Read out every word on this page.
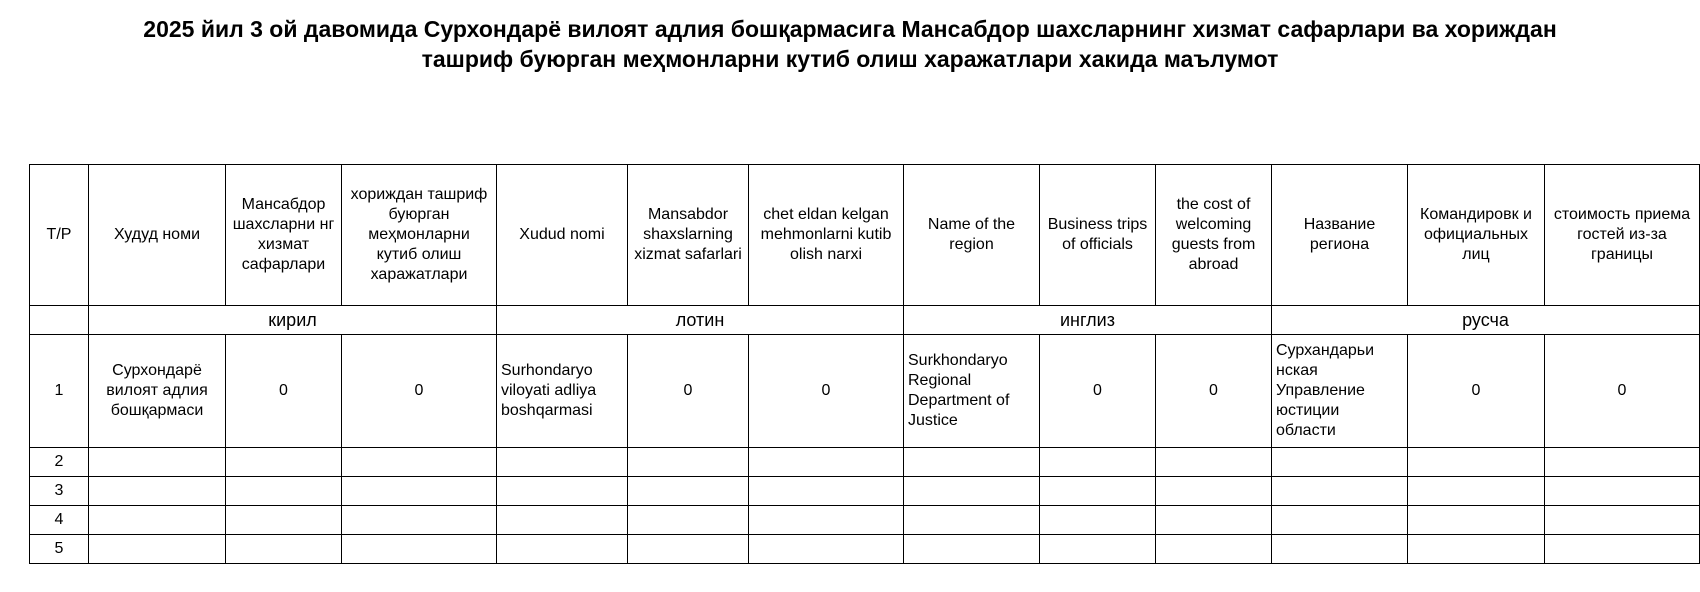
2025 йил 3 ой давомида Сурхондарё вилоят адлия бошқармасига Мансабдор шахсларнинг хизмат сафарлари ва хориждан
ташриф буюрган меҳмонларни кутиб олиш харажатлари хакида маълумот
Т/Р	Худуд номи	Мансабдор шахсларни нг хизмат сафарлари	хориждан ташриф буюрган меҳмонларни кутиб олиш харажатлари	Xudud nomi	Mansabdor shaxslarning xizmat safarlari	chet eldan kelgan mehmonlarni kutib olish narxi	Name of the region	Business trips of officials	the cost of welcoming guests from abroad	Название региона	Командировк и официальных лиц	стоимость приема гостей из-за границы
	кирил			лотин			инглиз			русча		
1	Сурхондарё вилоят адлия бошқармаси	0	0	Surhondaryo viloyati adliya boshqarmasi	0	0	Surkhondaryo Regional Department of Justice	0	0	Сурхандарьи нская Управление юстиции области	0	0
2												
3												
4												
5												
